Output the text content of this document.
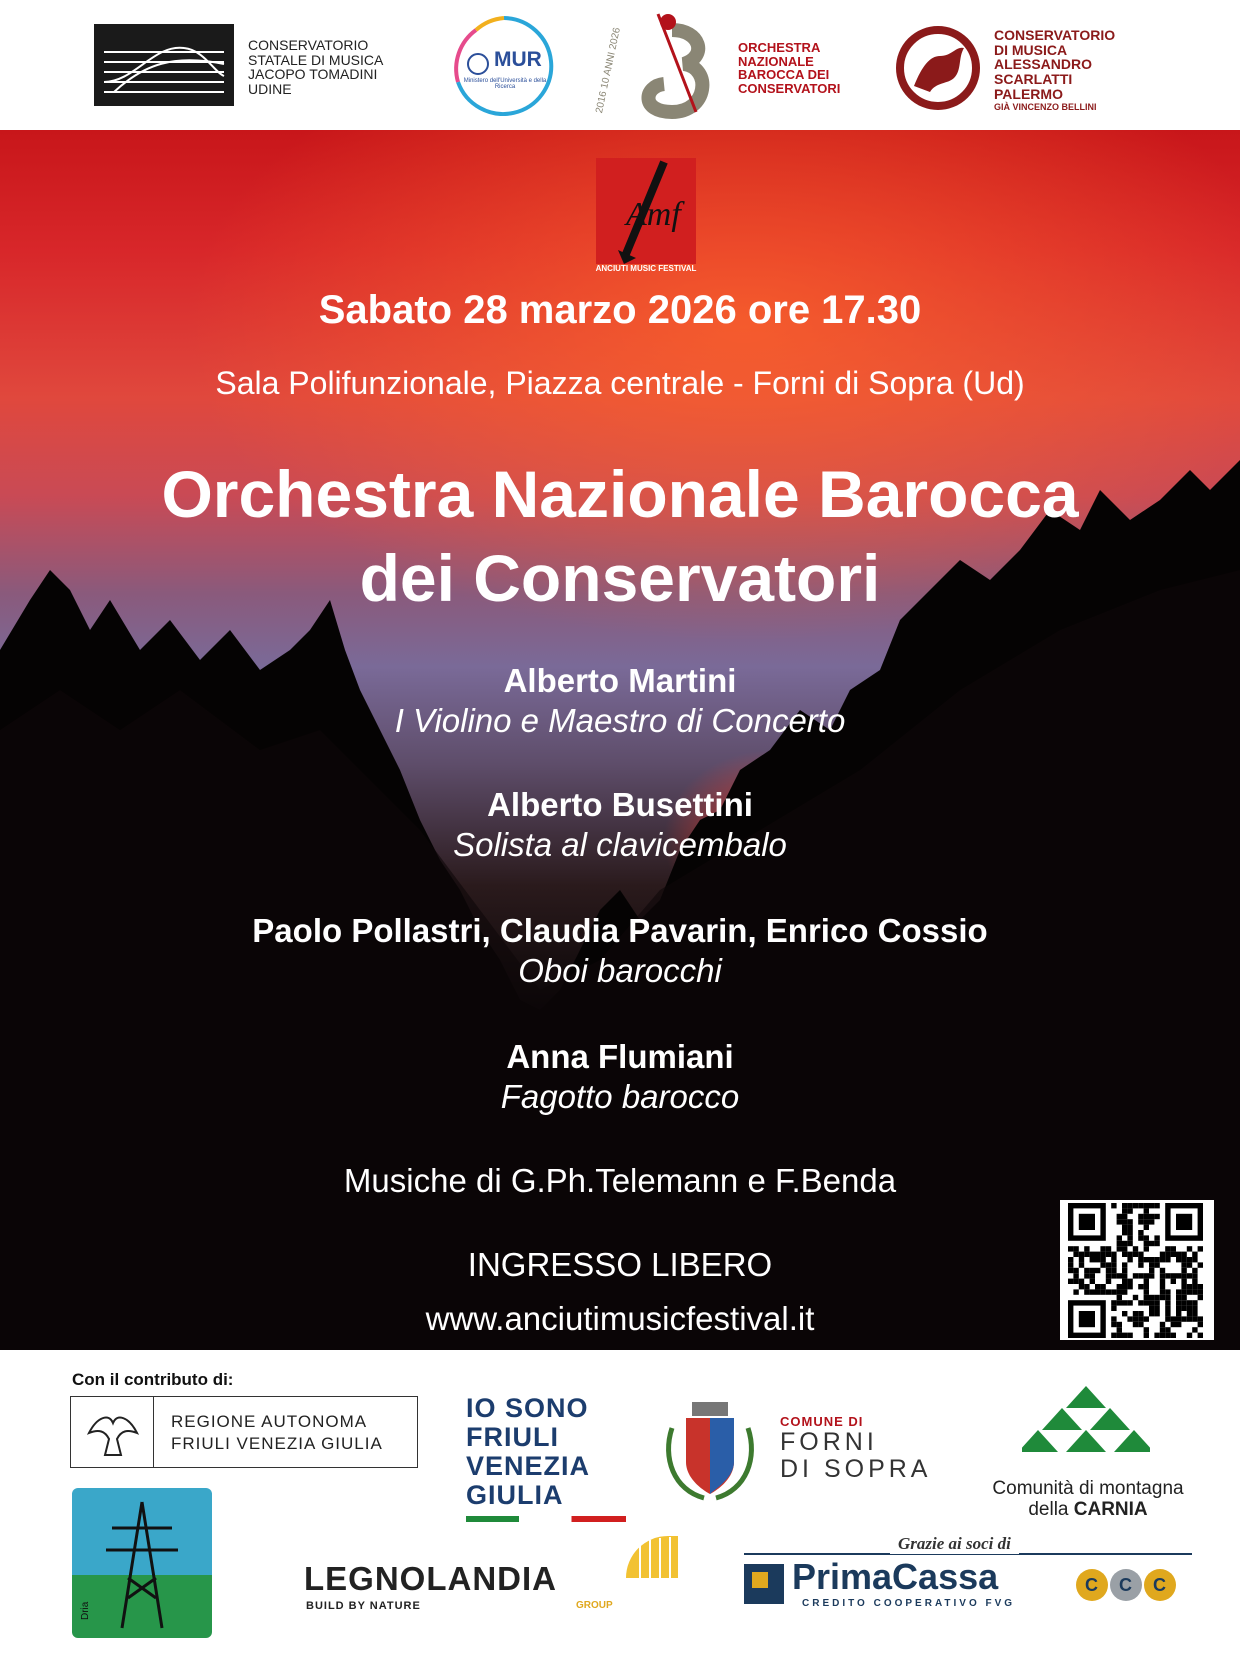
CONSERVATORIO
STATALE DI MUSICA
JACOPO TOMADINI
UDINE
MUR
Ministero dell'Università e della Ricerca	2016 10 ANNI 2026	ORCHESTRA
NAZIONALE
BAROCCA DEI
CONSERVATORI
CONSERVATORIO
DI MUSICA
ALESSANDRO
SCARLATTI
PALERMO
GIÀ VINCENZO BELLINI
Amf
ANCIUTI MUSIC FESTIVAL
Sabato 28 marzo 2026 ore 17.30
Sala Polifunzionale, Piazza centrale - Forni di Sopra (Ud)
Orchestra Nazionale Barocca
dei Conservatori
Alberto Martini
I Violino e Maestro di Concerto
Alberto Busettini
Solista al clavicembalo
Paolo Pollastri, Claudia Pavarin, Enrico Cossio
Oboi barocchi
Anna Flumiani
Fagotto barocco
Musiche di G.Ph.Telemann e F.Benda
INGRESSO LIBERO
www.anciutimusicfestival.it
Con il contributo di:
REGIONE AUTONOMA
FRIULI VENEZIA GIULIA
IO SONO
FRIULI
VENEZIA
GIULIA
COMUNE DI
FORNI
DI SOPRA
Comunità di montagna
della CARNIA
Dria
LEGNOLANDIA
BUILD BY NATURE	GROUP
Grazie ai soci di
PrimaCassa
CREDITO COOPERATIVO FVG
C C C
